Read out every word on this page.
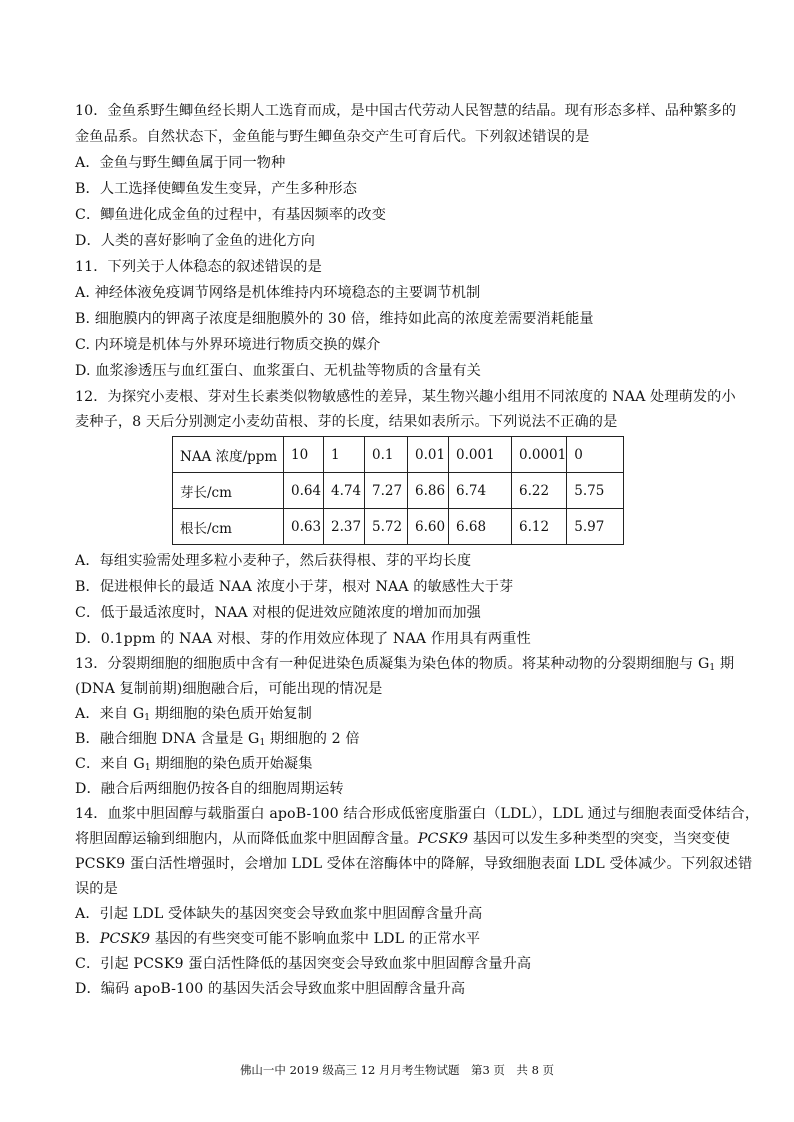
10．金鱼系野生鲫鱼经长期人工选育而成，是中国古代劳动人民智慧的结晶。现有形态多样、品种繁多的
金鱼品系。自然状态下，金鱼能与野生鲫鱼杂交产生可育后代。下列叙述错误的是
A．金鱼与野生鲫鱼属于同一物种
B．人工选择使鲫鱼发生变异，产生多种形态
C．鲫鱼进化成金鱼的过程中，有基因频率的改变
D．人类的喜好影响了金鱼的进化方向
11．下列关于人体稳态的叙述错误的是
A. 神经体液免疫调节网络是机体维持内环境稳态的主要调节机制
B. 细胞膜内的钾离子浓度是细胞膜外的 30 倍，维持如此高的浓度差需要消耗能量
C. 内环境是机体与外界环境进行物质交换的媒介
D. 血浆渗透压与血红蛋白、血浆蛋白、无机盐等物质的含量有关
12．为探究小麦根、芽对生长素类似物敏感性的差异，某生物兴趣小组用不同浓度的 NAA 处理萌发的小
麦种子，8 天后分别测定小麦幼苗根、芽的长度，结果如表所示。下列说法不正确的是
NAA 浓度/ppm	10	1	0.1	0.01	0.001	0.0001	0
芽长/cm	0.64	4.74	7.27	6.86	6.74	6.22	5.75
根长/cm	0.63	2.37	5.72	6.60	6.68	6.12	5.97
A．每组实验需处理多粒小麦种子，然后获得根、芽的平均长度
B．促进根伸长的最适 NAA 浓度小于芽，根对 NAA 的敏感性大于芽
C．低于最适浓度时，NAA 对根的促进效应随浓度的增加而加强
D．0.1ppm 的 NAA 对根、芽的作用效应体现了 NAA 作用具有两重性
13．分裂期细胞的细胞质中含有一种促进染色质凝集为染色体的物质。将某种动物的分裂期细胞与 $G_1$ 期
(DNA 复制前期)细胞融合后，可能出现的情况是
A．来自 $G_1$ 期细胞的染色质开始复制
B．融合细胞 DNA 含量是 $G_1$ 期细胞的 2 倍
C．来自 $G_1$ 期细胞的染色质开始凝集
D．融合后两细胞仍按各自的细胞周期运转
14．血浆中胆固醇与载脂蛋白 apoB-100 结合形成低密度脂蛋白（LDL），LDL 通过与细胞表面受体结合，
将胆固醇运输到细胞内，从而降低血浆中胆固醇含量。PCSK9 基因可以发生多种类型的突变，当突变使
PCSK9 蛋白活性增强时，会增加 LDL 受体在溶酶体中的降解，导致细胞表面 LDL 受体减少。下列叙述错
误的是
A．引起 LDL 受体缺失的基因突变会导致血浆中胆固醇含量升高
B．PCSK9 基因的有些突变可能不影响血浆中 LDL 的正常水平
C．引起 PCSK9 蛋白活性降低的基因突变会导致血浆中胆固醇含量升高
D．编码 apoB-100 的基因失活会导致血浆中胆固醇含量升高
佛山一中 2019 级高三 12 月月考生物试题　第3 页　共 8 页
